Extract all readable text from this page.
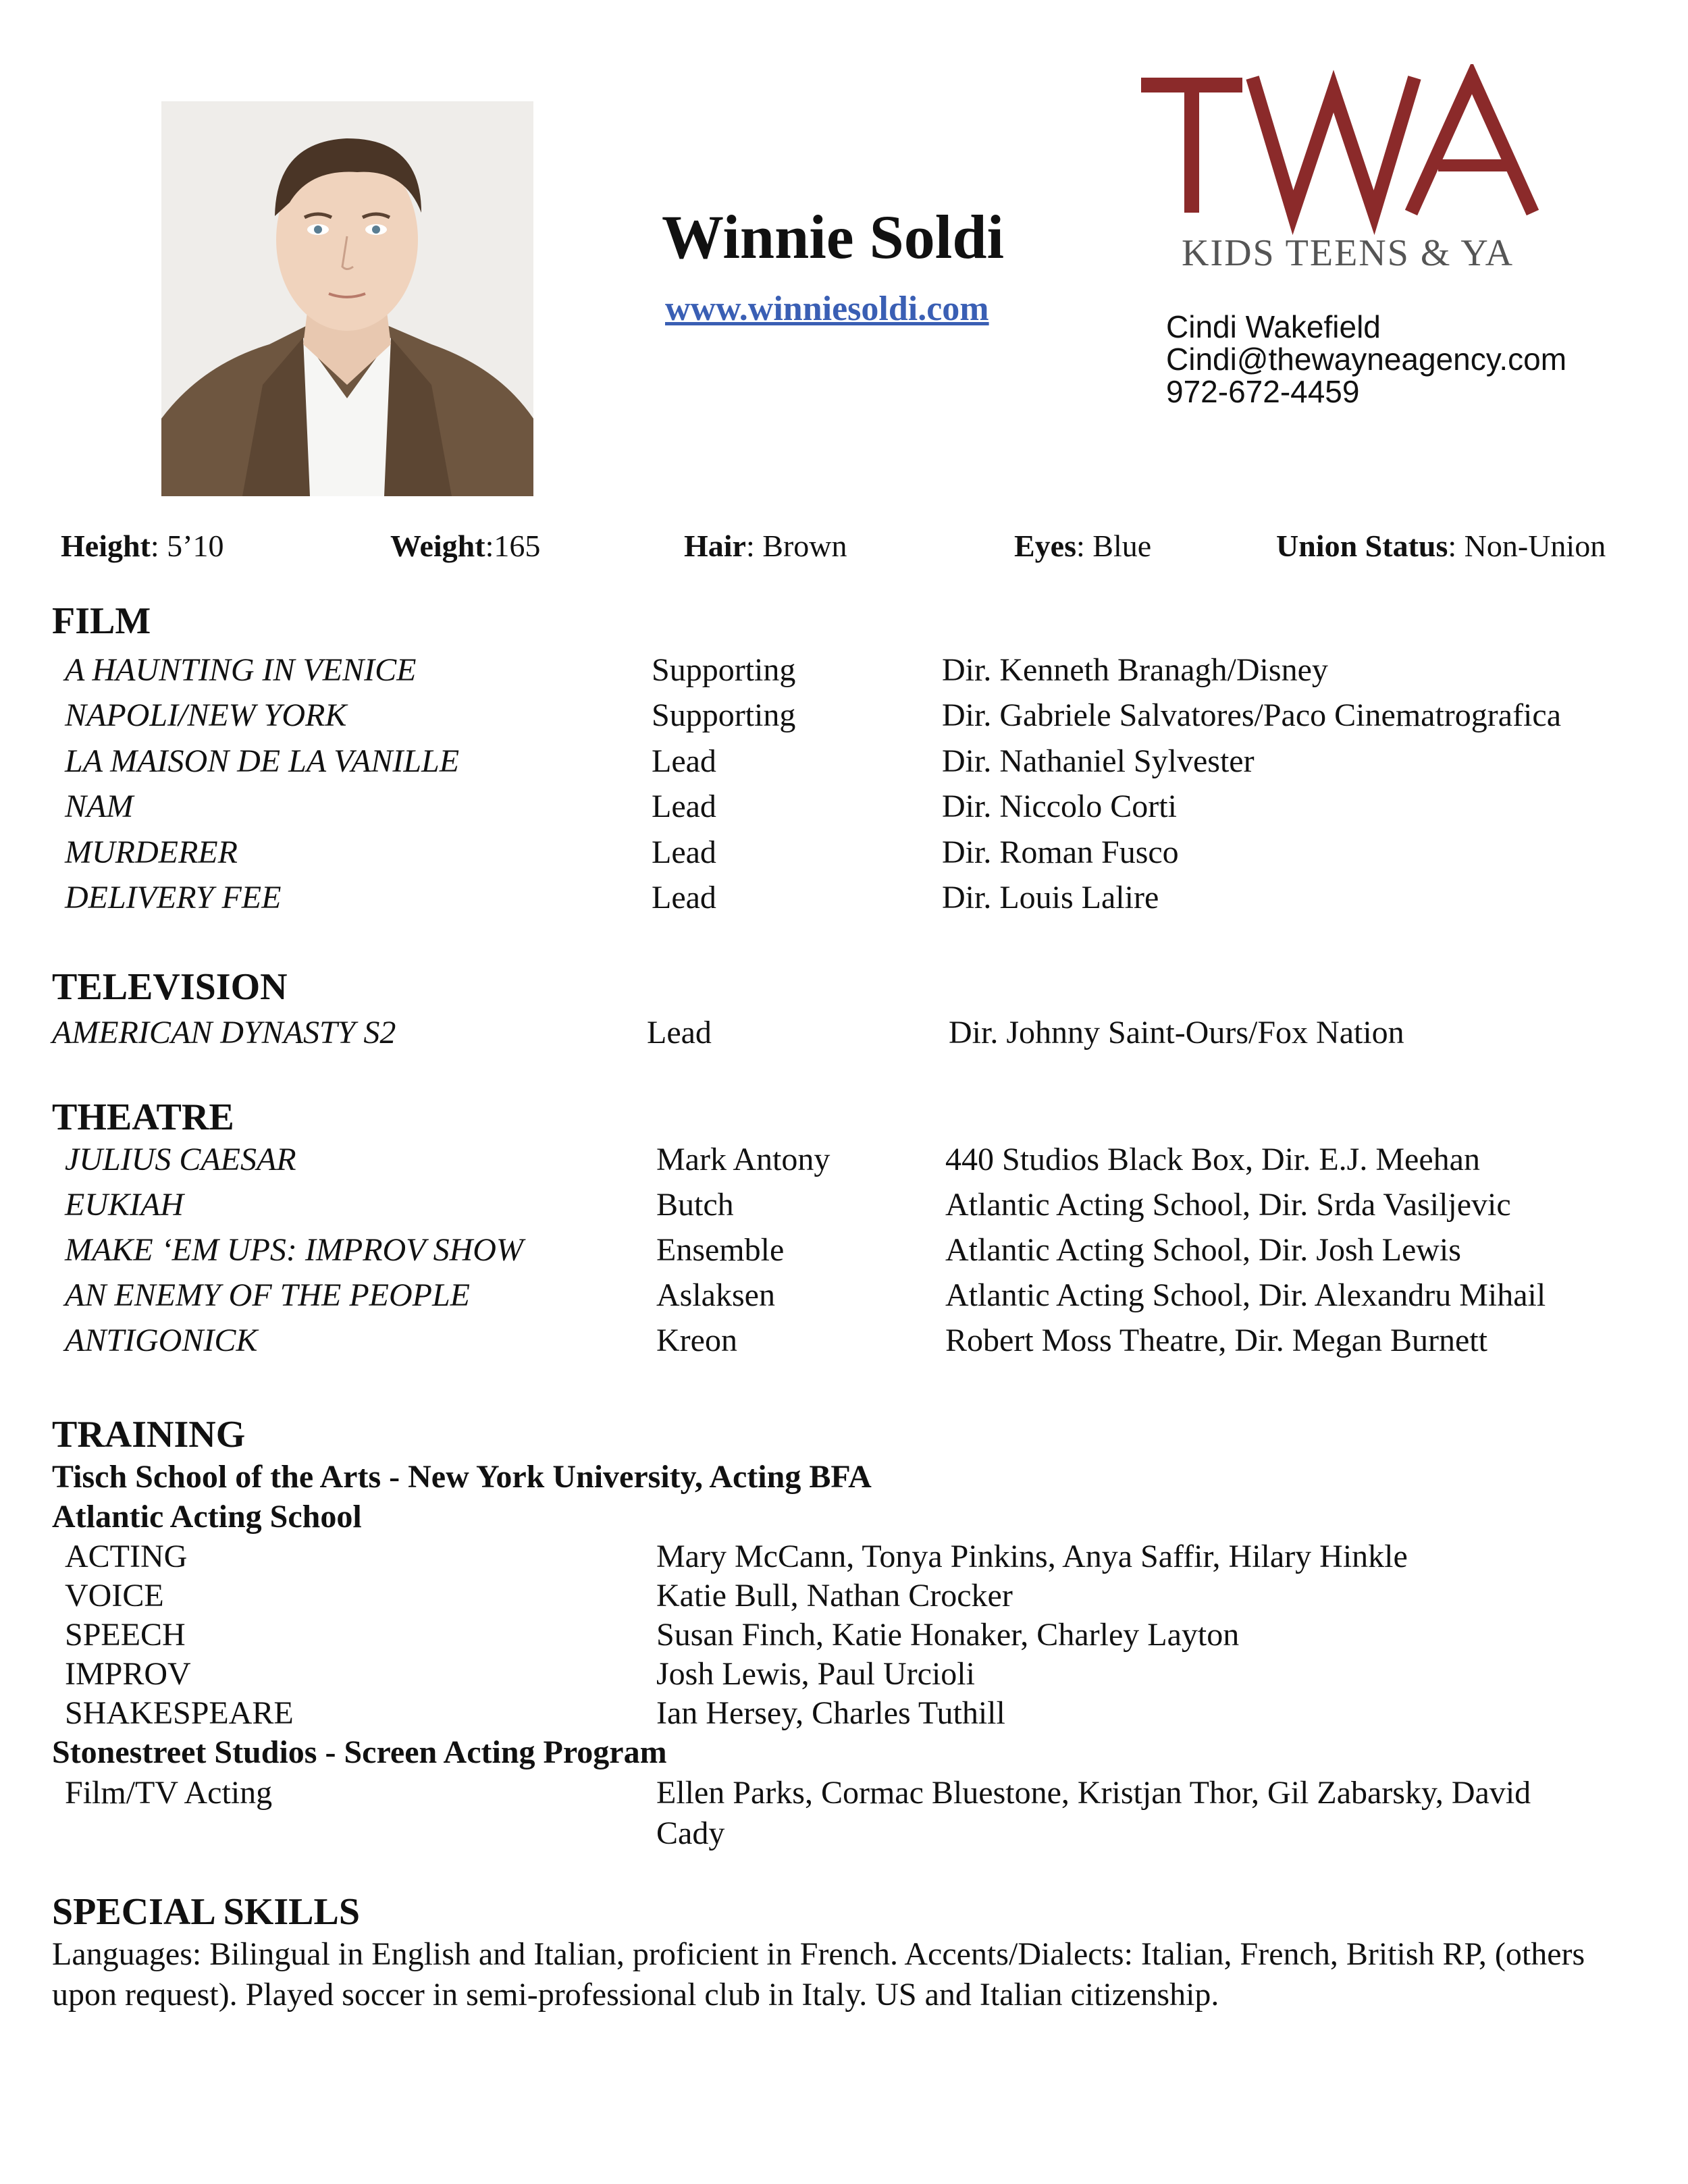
Winnie Soldi
www.winniesoldi.com
KIDS TEENS & YA
Cindi Wakefield
Cindi@thewayneagency.com
972-672-4459
Height: 5’10	Weight:165	Hair: Brown	Eyes: Blue	Union Status: Non-Union
FILM
A HAUNTING IN VENICE	Supporting	Dir. Kenneth Branagh/Disney
NAPOLI/NEW YORK	Supporting	Dir. Gabriele Salvatores/Paco Cinematrografica
LA MAISON DE LA VANILLE	Lead	Dir. Nathaniel Sylvester
NAM	Lead	Dir. Niccolo Corti
MURDERER	Lead	Dir. Roman Fusco
DELIVERY FEE	Lead	Dir. Louis Lalire
TELEVISION
AMERICAN DYNASTY S2	Lead	Dir. Johnny Saint-Ours/Fox Nation
THEATRE
JULIUS CAESAR	Mark Antony	440 Studios Black Box, Dir. E.J. Meehan
EUKIAH	Butch	Atlantic Acting School, Dir. Srda Vasiljevic
MAKE ‘EM UPS: IMPROV SHOW	Ensemble	Atlantic Acting School, Dir. Josh Lewis
AN ENEMY OF THE PEOPLE	Aslaksen	Atlantic Acting School, Dir. Alexandru Mihail
ANTIGONICK	Kreon	Robert Moss Theatre, Dir. Megan Burnett
TRAINING
Tisch School of the Arts - New York University, Acting BFA
Atlantic Acting School
ACTING	Mary McCann, Tonya Pinkins, Anya Saffir, Hilary Hinkle
VOICE	Katie Bull, Nathan Crocker
SPEECH	Susan Finch, Katie Honaker, Charley Layton
IMPROV	Josh Lewis, Paul Urcioli
SHAKESPEARE	Ian Hersey, Charles Tuthill
Stonestreet Studios - Screen Acting Program
Film/TV Acting	Ellen Parks, Cormac Bluestone, Kristjan Thor, Gil Zabarsky, David
Cady
SPECIAL SKILLS
Languages: Bilingual in English and Italian, proficient in French. Accents/Dialects: Italian, French, British RP, (others upon request). Played soccer in semi-professional club in Italy. US and Italian citizenship.
